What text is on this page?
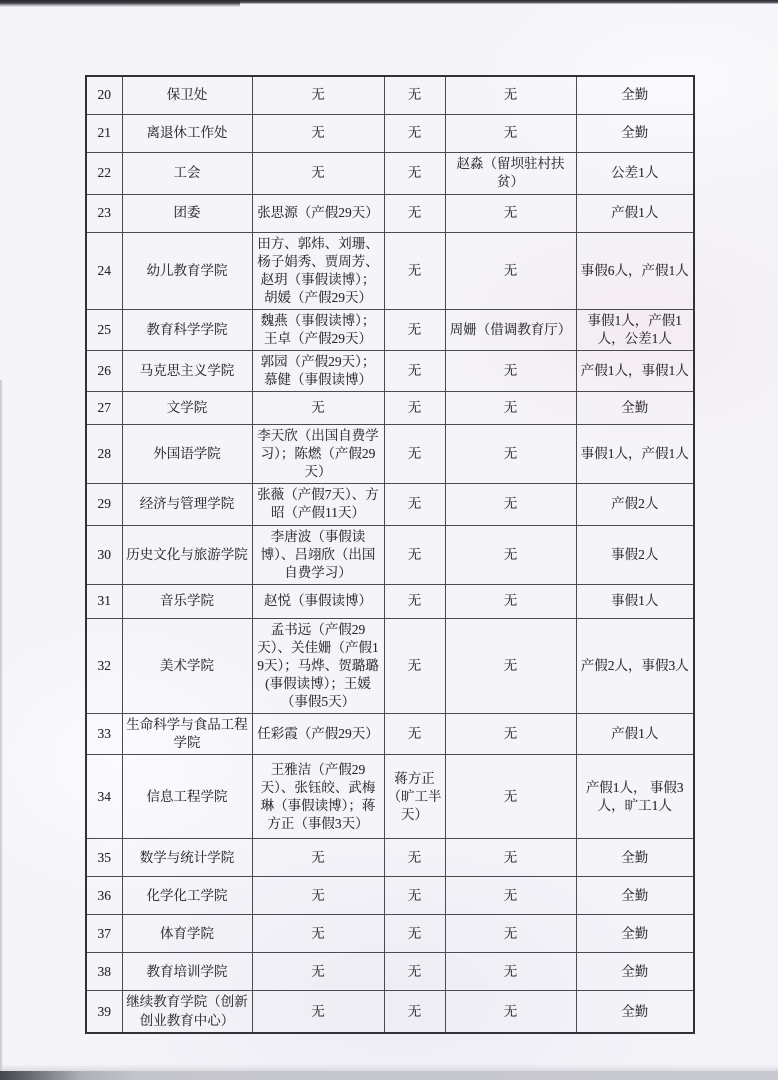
20	保卫处	无	无	无	全勤
21	离退休工作处	无	无	无	全勤
22	工会	无	无	赵淼（留坝驻村扶贫）	公差1人
23	团委	张思源（产假29天）	无	无	产假1人
24	幼儿教育学院	田方、郭炜、刘珊、杨子娟秀、贾周芳、赵玥（事假读博）；胡媛（产假29天）	无	无	事假6人，产假1人
25	教育科学学院	魏燕（事假读博）；王卓（产假29天）	无	周姗（借调教育厅）	事假1人，产假1人，公差1人
26	马克思主义学院	郭园（产假29天）；慕健（事假读博）	无	无	产假1人，事假1人
27	文学院	无	无	无	全勤
28	外国语学院	李天欣（出国自费学习）；陈燃（产假29天）	无	无	事假1人，产假1人
29	经济与管理学院	张薇（产假7天）、方昭（产假11天）	无	无	产假2人
30	历史文化与旅游学院	李唐波（事假读博）、吕翊欣（出国自费学习）	无	无	事假2人
31	音乐学院	赵悦（事假读博）	无	无	事假1人
32	美术学院	孟书远（产假29天）、关佳姗（产假19天）；马烨、贺璐璐(事假读博）；王媛（事假5天）	无	无	产假2人，事假3人
33	生命科学与食品工程学院	任彩霞（产假29天）	无	无	产假1人
34	信息工程学院	王雅洁（产假29天）、张钰皎、武梅琳（事假读博）；蒋方正（事假3天）	蒋方正（旷工半天）	无	产假1人， 事假3人，旷工1人
35	数学与统计学院	无	无	无	全勤
36	化学化工学院	无	无	无	全勤
37	体育学院	无	无	无	全勤
38	教育培训学院	无	无	无	全勤
39	继续教育学院（创新创业教育中心）	无	无	无	全勤
